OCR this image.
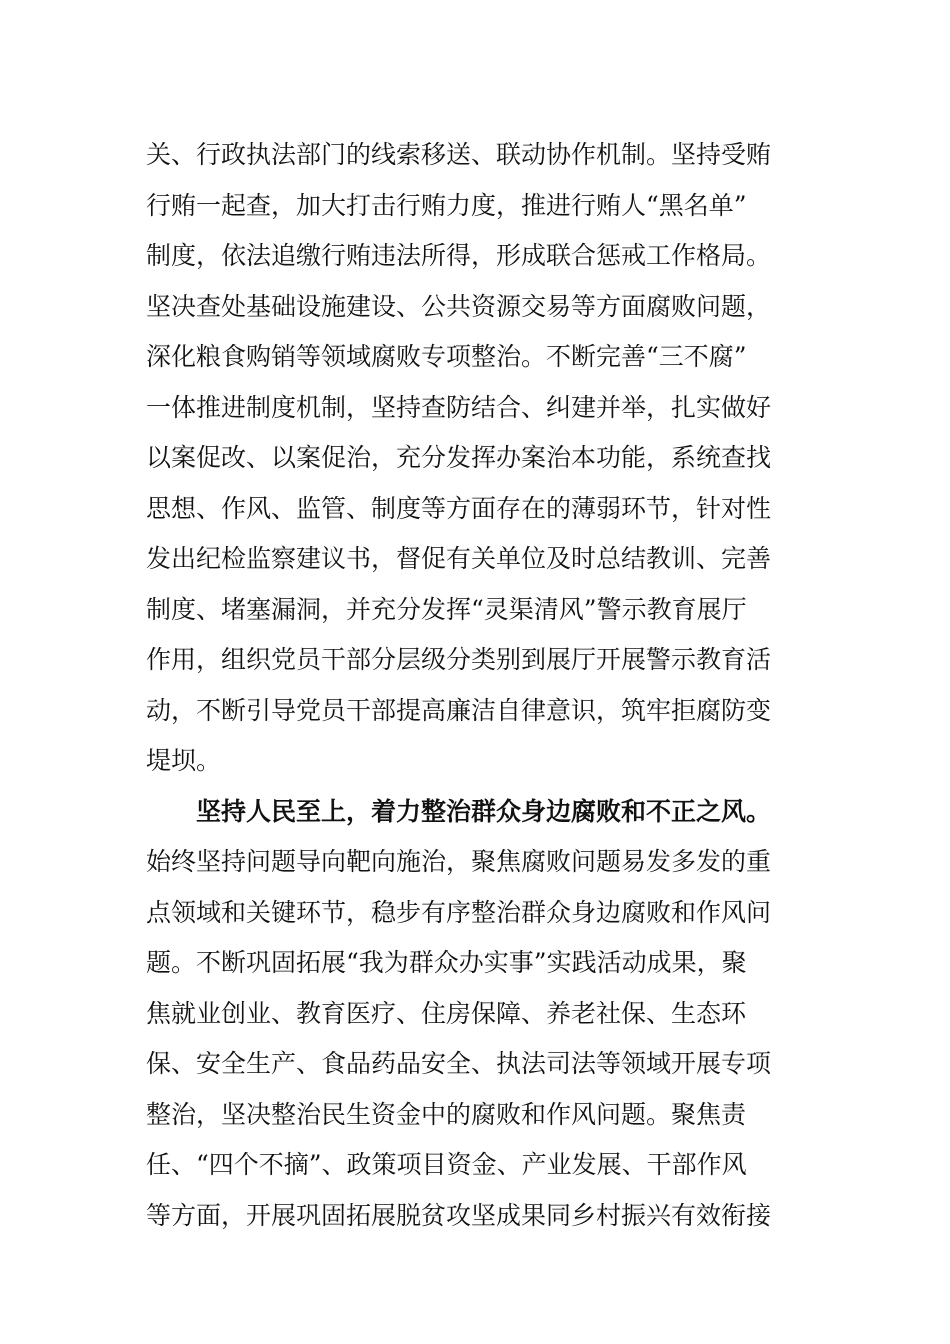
关、行政执法部门的线索移送、联动协作机制。坚持受贿
行贿一起查，加大打击行贿力度，推进行贿人“黑名单”
制度，依法追缴行贿违法所得，形成联合惩戒工作格局。
坚决查处基础设施建设、公共资源交易等方面腐败问题，
深化粮食购销等领域腐败专项整治。不断完善“三不腐”
一体推进制度机制，坚持查防结合、纠建并举，扎实做好
以案促改、以案促治，充分发挥办案治本功能，系统查找
思想、作风、监管、制度等方面存在的薄弱环节，针对性
发出纪检监察建议书，督促有关单位及时总结教训、完善
制度、堵塞漏洞，并充分发挥“灵渠清风”警示教育展厅
作用，组织党员干部分层级分类别到展厅开展警示教育活
动，不断引导党员干部提高廉洁自律意识，筑牢拒腐防变
堤坝。
坚持人民至上，着力整治群众身边腐败和不正之风。
始终坚持问题导向靶向施治，聚焦腐败问题易发多发的重
点领域和关键环节，稳步有序整治群众身边腐败和作风问
题。不断巩固拓展“我为群众办实事”实践活动成果，聚
焦就业创业、教育医疗、住房保障、养老社保、生态环
保、安全生产、食品药品安全、执法司法等领域开展专项
整治，坚决整治民生资金中的腐败和作风问题。聚焦责
任、“四个不摘”、政策项目资金、产业发展、干部作风
等方面，开展巩固拓展脱贫攻坚成果同乡村振兴有效衔接
